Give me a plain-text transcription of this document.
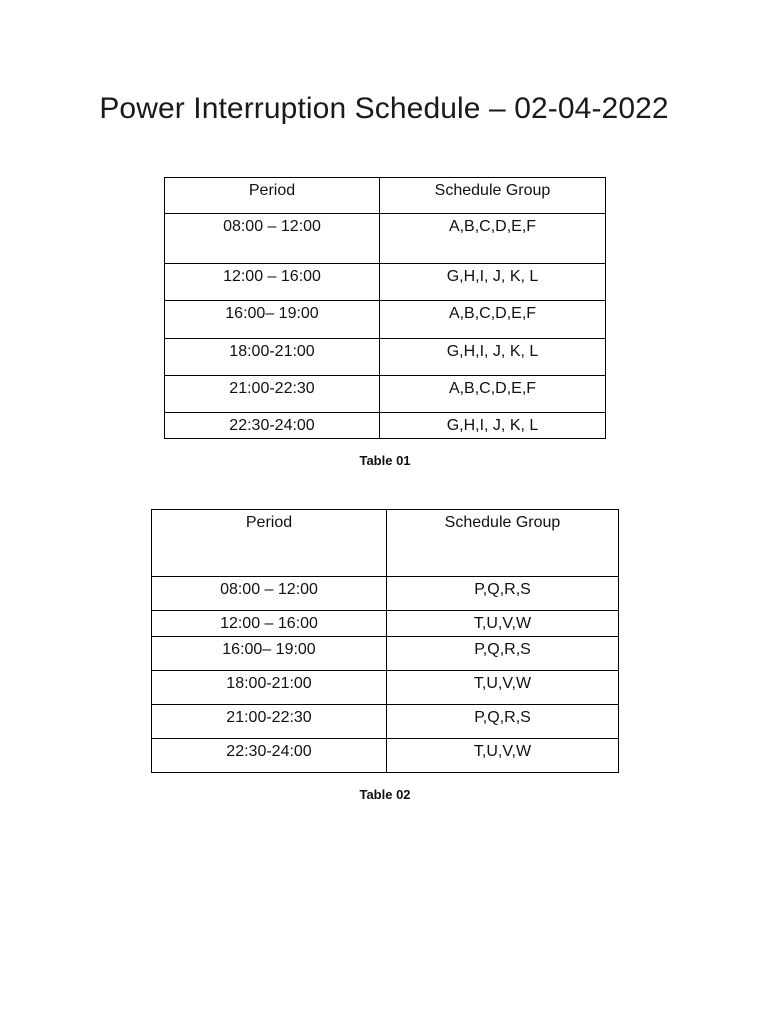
Power Interruption Schedule – 02-04-2022
Period	Schedule Group
08:00 – 12:00	A,B,C,D,E,F
12:00 – 16:00	G,H,I, J, K, L
16:00– 19:00	A,B,C,D,E,F
18:00-21:00	G,H,I, J, K, L
21:00-22:30	A,B,C,D,E,F
22:30-24:00	G,H,I, J, K, L
Table 01
Period	Schedule Group
08:00 – 12:00	P,Q,R,S
12:00 – 16:00	T,U,V,W
16:00– 19:00	P,Q,R,S
18:00-21:00	T,U,V,W
21:00-22:30	P,Q,R,S
22:30-24:00	T,U,V,W
Table 02
